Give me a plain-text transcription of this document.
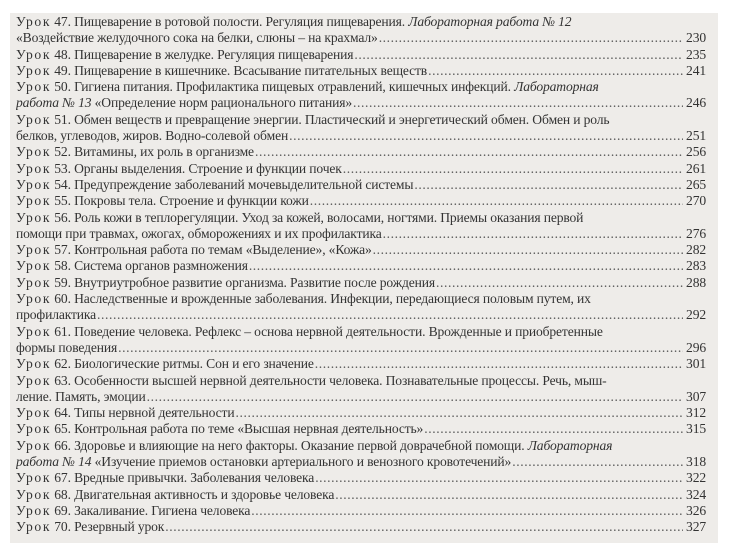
Урок 47. Пищеварение в ротовой полости. Регуляция пищеварения. Лабораторная работа № 12
«Воздействие желудочного сока на белки, слюны – на крахмал» .....	230
Урок 48. Пищеварение в желудке. Регуляция пищеварения .....	235
Урок 49. Пищеварение в кишечнике. Всасывание питательных веществ .....	241
Урок 50. Гигиена питания. Профилактика пищевых отравлений, кишечных инфекций. Лабораторная
работа № 13 «Определение норм рационального питания» .....	246
Урок 51. Обмен веществ и превращение энергии. Пластический и энергетический обмен. Обмен и роль
белков, углеводов, жиров. Водно-солевой обмен .....	251
Урок 52. Витамины, их роль в организме .....	256
Урок 53. Органы выделения. Строение и функции почек .....	261
Урок 54. Предупреждение заболеваний мочевыделительной системы .....	265
Урок 55. Покровы тела. Строение и функции кожи .....	270
Урок 56. Роль кожи в теплорегуляции. Уход за кожей, волосами, ногтями. Приемы оказания первой
помощи при травмах, ожогах, обморожениях и их профилактика .....	276
Урок 57. Контрольная работа по темам «Выделение», «Кожа» .....	282
Урок 58. Система органов размножения .....	283
Урок 59. Внутриутробное развитие организма. Развитие после рождения .....	288
Урок 60. Наследственные и врожденные заболевания. Инфекции, передающиеся половым путем, их
профилактика .....	292
Урок 61. Поведение человека. Рефлекс – основа нервной деятельности. Врожденные и приобретенные
формы поведения .....	296
Урок 62. Биологические ритмы. Сон и его значение .....	301
Урок 63. Особенности высшей нервной деятельности человека. Познавательные процессы. Речь, мыш-
ление. Память, эмоции .....	307
Урок 64. Типы нервной деятельности .....	312
Урок 65. Контрольная работа по теме «Высшая нервная деятельность» .....	315
Урок 66. Здоровье и влияющие на него факторы. Оказание первой доврачебной помощи. Лабораторная
работа № 14 «Изучение приемов остановки артериального и венозного кровотечений» .....	318
Урок 67. Вредные привычки. Заболевания человека .....	322
Урок 68. Двигательная активность и здоровье человека .....	324
Урок 69. Закаливание. Гигиена человека .....	326
Урок 70. Резервный урок .....	327
